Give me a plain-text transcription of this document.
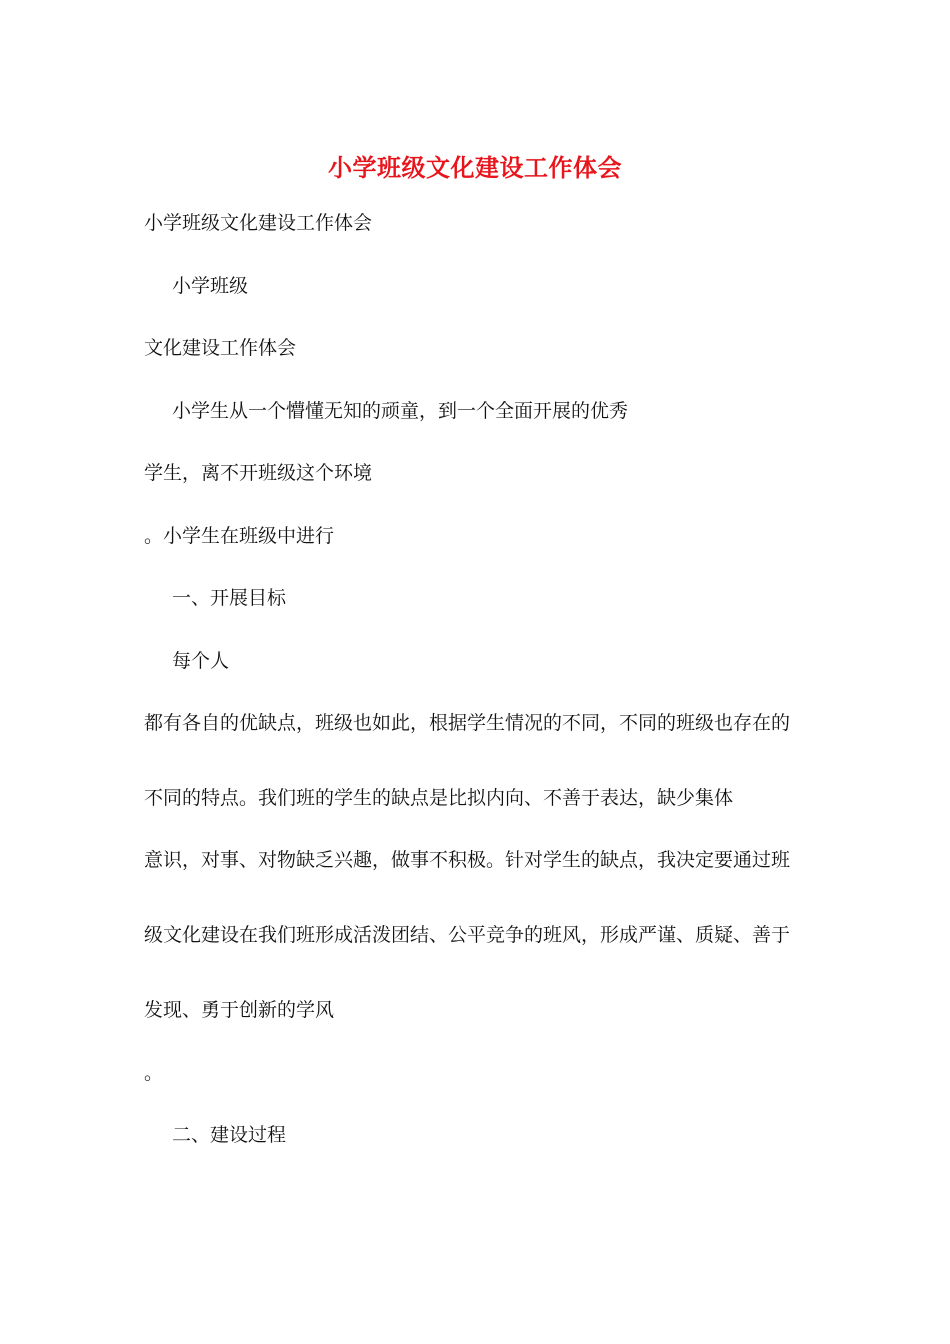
小学班级文化建设工作体会
小学班级文化建设工作体会
小学班级
文化建设工作体会
小学生从一个懵懂无知的顽童，到一个全面开展的优秀
学生，离不开班级这个环境
。小学生在班级中进行
一、开展目标
每个人
都有各自的优缺点，班级也如此，根据学生情况的不同，不同的班级也存在的
不同的特点。我们班的学生的缺点是比拟内向、不善于表达，缺少集体
意识，对事、对物缺乏兴趣，做事不积极。针对学生的缺点，我决定要通过班
级文化建设在我们班形成活泼团结、公平竞争的班风，形成严谨、质疑、善于
发现、勇于创新的学风
。
二、建设过程
